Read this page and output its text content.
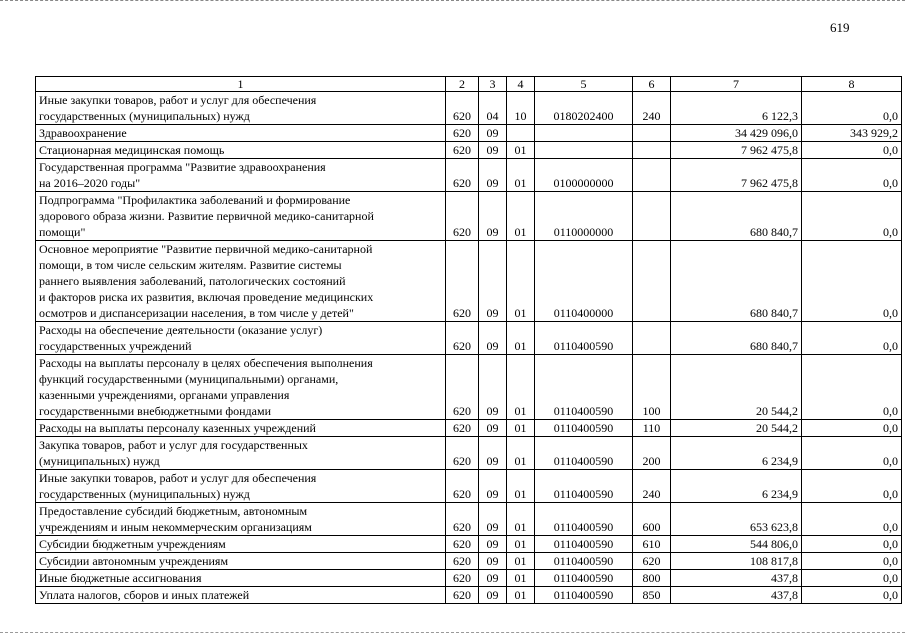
619
1	2	3	4	5	6	7	8

Иные закупки товаров, работ и услуг для обеспечения
государственных (муниципальных) нужд	620	04	10	0180202400	240	6 122,3	0,0

Здравоохранение	620	09				34 429 096,0	343 929,2

Стационарная медицинская помощь	620	09	01			7 962 475,8	0,0

Государственная программа "Развитие здравоохранения
на 2016–2020 годы"	620	09	01	0100000000		7 962 475,8	0,0

Подпрограмма "Профилактика заболеваний и формирование
здорового образа жизни. Развитие первичной медико-санитарной
помощи"	620	09	01	0110000000		680 840,7	0,0

Основное мероприятие "Развитие первичной медико-санитарной
помощи, в том числе сельским жителям. Развитие системы
раннего выявления заболеваний, патологических состояний
и факторов риска их развития, включая проведение медицинских
осмотров и диспансеризации населения, в том числе у детей"	620	09	01	0110400000		680 840,7	0,0

Расходы на обеспечение деятельности (оказание услуг)
государственных учреждений	620	09	01	0110400590		680 840,7	0,0

Расходы на выплаты персоналу в целях обеспечения выполнения
функций государственными (муниципальными) органами,
казенными учреждениями, органами управления
государственными внебюджетными фондами	620	09	01	0110400590	100	20 544,2	0,0

Расходы на выплаты персоналу казенных учреждений	620	09	01	0110400590	110	20 544,2	0,0

Закупка товаров, работ и услуг для государственных
(муниципальных) нужд	620	09	01	0110400590	200	6 234,9	0,0

Иные закупки товаров, работ и услуг для обеспечения
государственных (муниципальных) нужд	620	09	01	0110400590	240	6 234,9	0,0

Предоставление субсидий бюджетным, автономным
учреждениям и иным некоммерческим организациям	620	09	01	0110400590	600	653 623,8	0,0

Субсидии бюджетным учреждениям	620	09	01	0110400590	610	544 806,0	0,0

Субсидии автономным учреждениям	620	09	01	0110400590	620	108 817,8	0,0

Иные бюджетные ассигнования	620	09	01	0110400590	800	437,8	0,0

Уплата налогов, сборов и иных платежей	620	09	01	0110400590	850	437,8	0,0
